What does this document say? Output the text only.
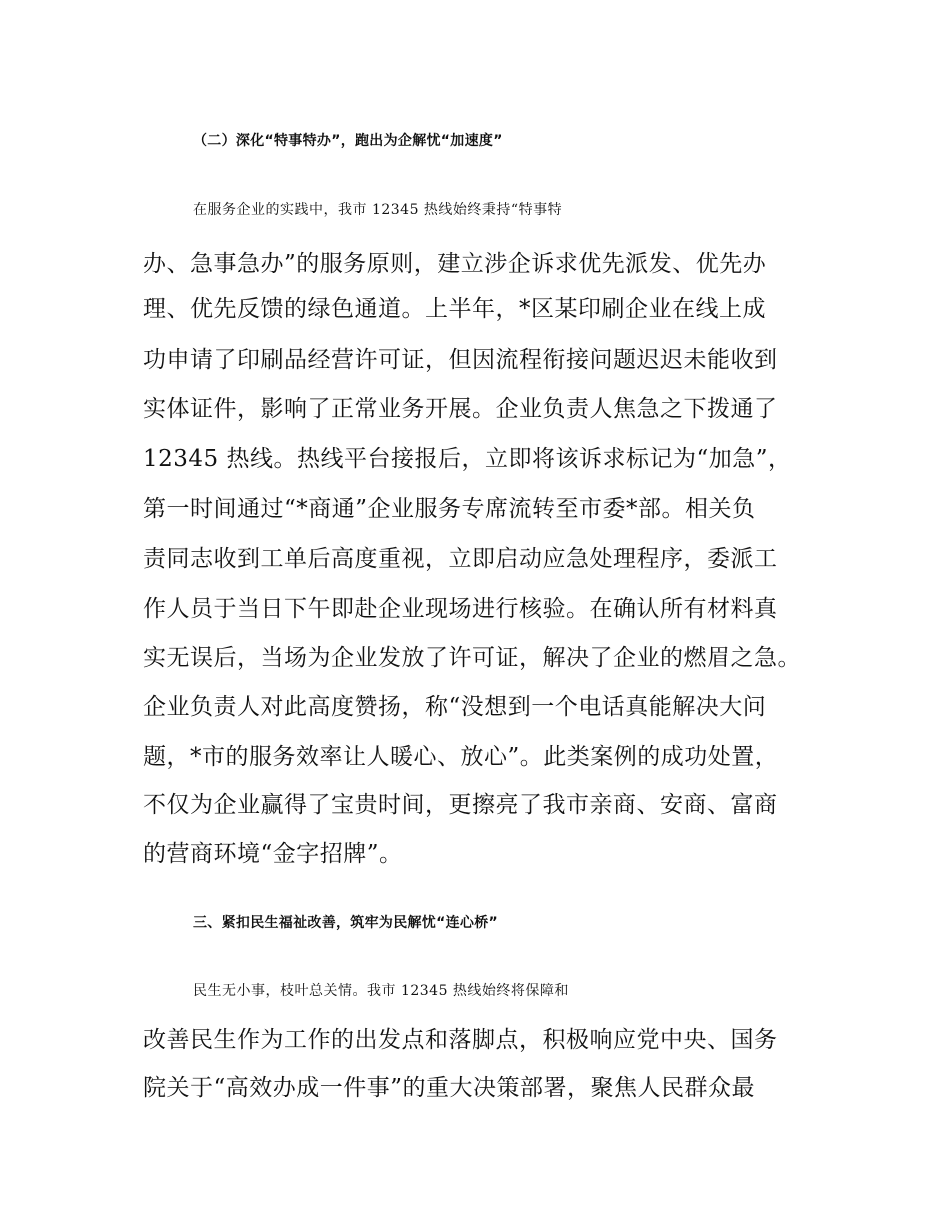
（二）深化“特事特办”，跑出为企解忧“加速度”
在服务企业的实践中，我市 12345 热线始终秉持“特事特
办、急事急办”的服务原则，建立涉企诉求优先派发、优先办
理、优先反馈的绿色通道。上半年，*区某印刷企业在线上成
功申请了印刷品经营许可证，但因流程衔接问题迟迟未能收到
实体证件，影响了正常业务开展。企业负责人焦急之下拨通了
12345 热线。热线平台接报后，立即将该诉求标记为“加急”，
第一时间通过“*商通”企业服务专席流转至市委*部。相关负
责同志收到工单后高度重视，立即启动应急处理程序，委派工
作人员于当日下午即赴企业现场进行核验。在确认所有材料真
实无误后，当场为企业发放了许可证，解决了企业的燃眉之急。
企业负责人对此高度赞扬，称“没想到一个电话真能解决大问
题，*市的服务效率让人暖心、放心”。此类案例的成功处置，
不仅为企业赢得了宝贵时间，更擦亮了我市亲商、安商、富商
的营商环境“金字招牌”。
三、紧扣民生福祉改善，筑牢为民解忧“连心桥”
民生无小事，枝叶总关情。我市 12345 热线始终将保障和
改善民生作为工作的出发点和落脚点，积极响应党中央、国务
院关于“高效办成一件事”的重大决策部署，聚焦人民群众最
